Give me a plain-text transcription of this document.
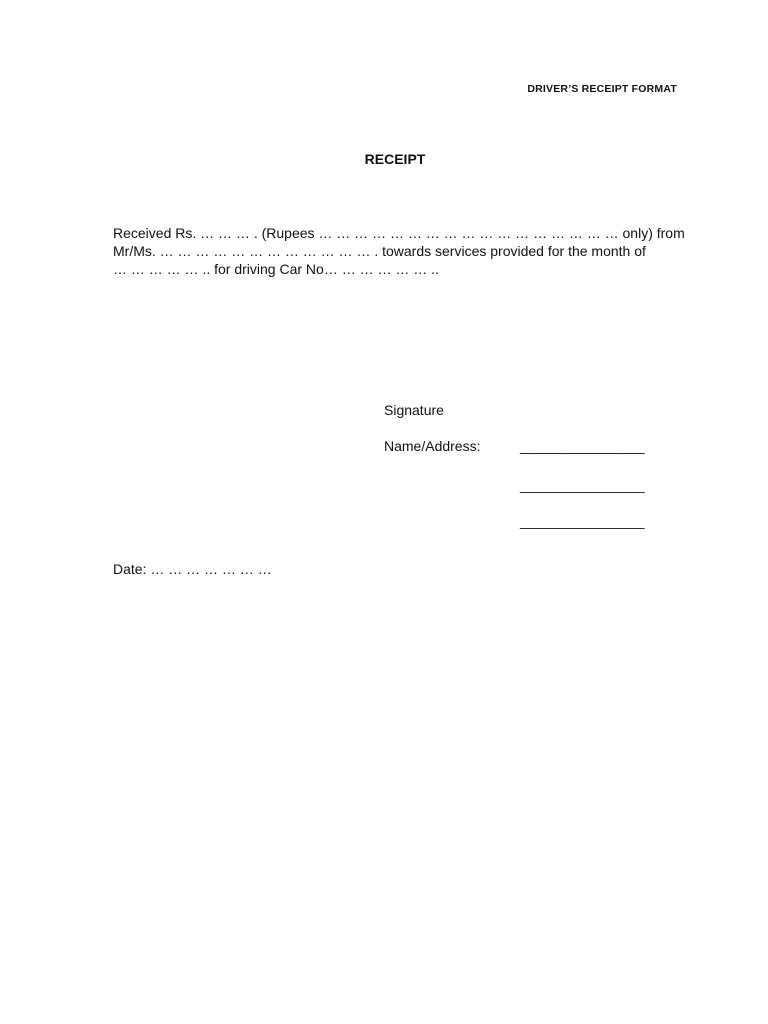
DRIVER’S RECEIPT FORMAT
RECEIPT
Received Rs. … … … . (Rupees … … … … … … … … … … … … … … … … … only) from
Mr/Ms. … … … … … … … … … … … … . towards services provided for the month of
… … … … … .. for driving Car No… … … … … … ..
Signature
Name/Address:	________________
________________
________________
Date: … … … … … … …
